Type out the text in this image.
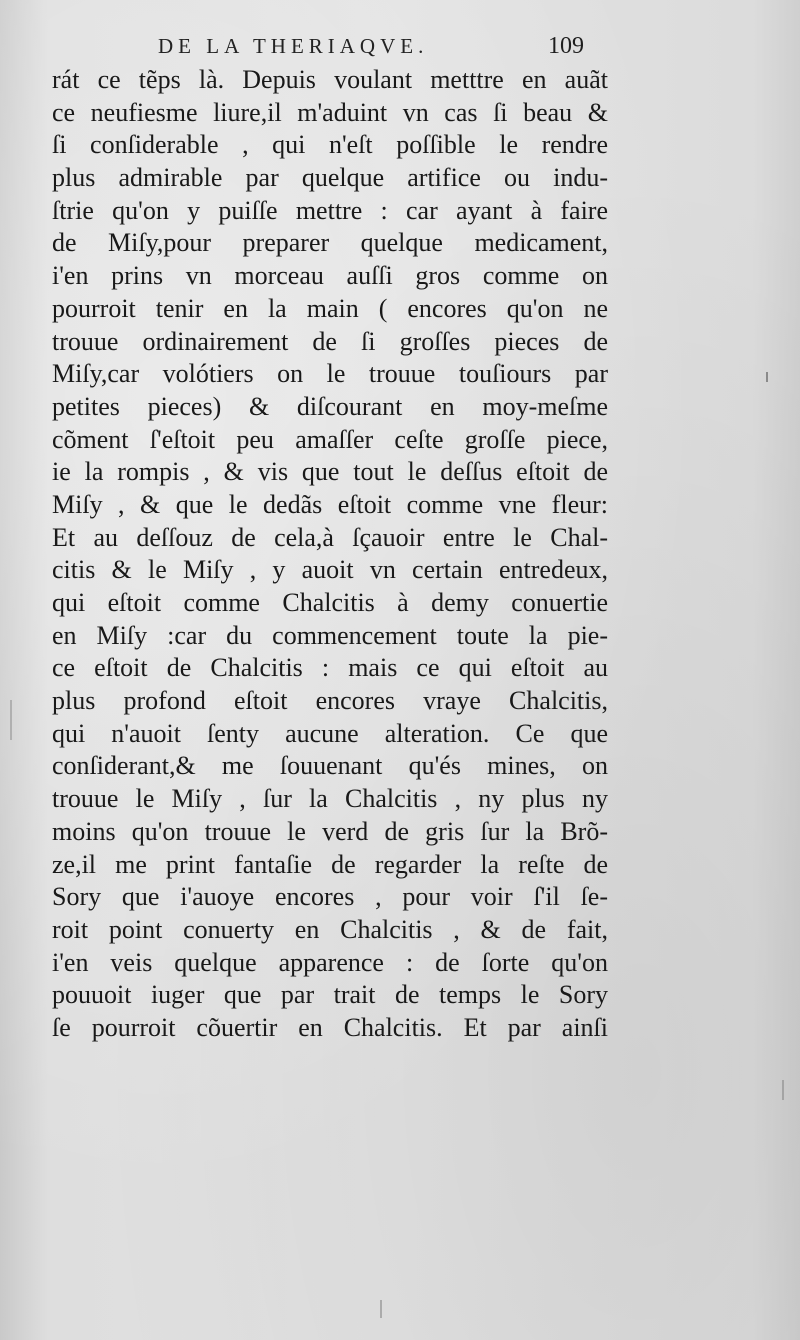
DE LA THERIAQVE.	109
rát ce tẽps là. Depuis voulant metttre en auãt
ce neufiesme liure,il m'aduint vn cas ſi beau &
ſi conſiderable , qui n'eſt poſſible le rendre
plus admirable par quelque artifice ou indu-
ſtrie qu'on y puiſſe mettre : car ayant à faire
de Miſy,pour preparer quelque medicament,
i'en prins vn morceau auſſi gros comme on
pourroit tenir en la main ( encores qu'on ne
trouue ordinairement de ſi groſſes pieces de
Miſy,car volótiers on le trouue touſiours par
petites pieces) & diſcourant en moy-meſme
cõment ſ'eſtoit peu amaſſer ceſte groſſe piece,
ie la rompis , & vis que tout le deſſus eſtoit de
Miſy , & que le dedãs eſtoit comme vne fleur:
Et au deſſouz de cela,à ſçauoir entre le Chal-
citis & le Miſy , y auoit vn certain entredeux,
qui eſtoit comme Chalcitis à demy conuertie
en Miſy :car du commencement toute la pie-
ce eſtoit de Chalcitis : mais ce qui eſtoit au
plus profond eſtoit encores vraye Chalcitis,
qui n'auoit ſenty aucune alteration. Ce que
conſiderant,& me ſouuenant qu'és mines, on
trouue le Miſy , ſur la Chalcitis , ny plus ny
moins qu'on trouue le verd de gris ſur la Brõ-
ze,il me print fantaſie de regarder la reſte de
Sory que i'auoye encores , pour voir ſ'il ſe-
roit point conuerty en Chalcitis , & de fait,
i'en veis quelque apparence : de ſorte qu'on
pouuoit iuger que par trait de temps le Sory
ſe pourroit cõuertir en Chalcitis. Et par ainſi
